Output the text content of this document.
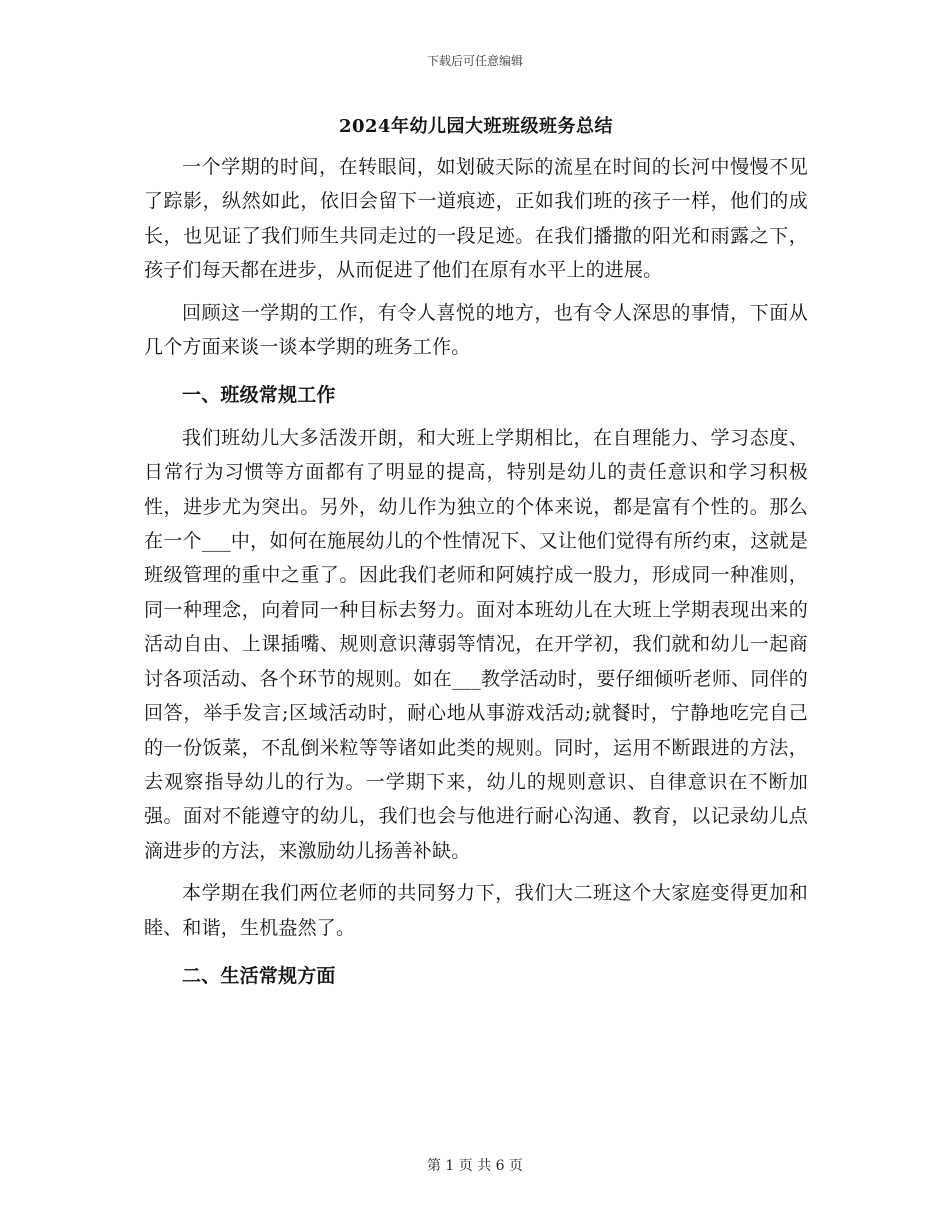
下载后可任意编辑
2024年幼儿园大班班级班务总结

一个学期的时间，在转眼间，如划破天际的流星在时间的长河中慢慢不见了踪影，纵然如此，依旧会留下一道痕迹，正如我们班的孩子一样，他们的成长，也见证了我们师生共同走过的一段足迹。在我们播撒的阳光和雨露之下，孩子们每天都在进步，从而促进了他们在原有水平上的进展。

回顾这一学期的工作，有令人喜悦的地方，也有令人深思的事情，下面从几个方面来谈一谈本学期的班务工作。

一、班级常规工作

我们班幼儿大多活泼开朗，和大班上学期相比，在自理能力、学习态度、日常行为习惯等方面都有了明显的提高，特别是幼儿的责任意识和学习积极性，进步尤为突出。另外，幼儿作为独立的个体来说，都是富有个性的。那么在一个___中，如何在施展幼儿的个性情况下、又让他们觉得有所约束，这就是班级管理的重中之重了。因此我们老师和阿姨拧成一股力，形成同一种准则，同一种理念，向着同一种目标去努力。面对本班幼儿在大班上学期表现出来的活动自由、上课插嘴、规则意识薄弱等情况，在开学初，我们就和幼儿一起商讨各项活动、各个环节的规则。如在___教学活动时，要仔细倾听老师、同伴的回答，举手发言;区域活动时，耐心地从事游戏活动;就餐时，宁静地吃完自己的一份饭菜，不乱倒米粒等等诸如此类的规则。同时，运用不断跟进的方法，去观察指导幼儿的行为。一学期下来，幼儿的规则意识、自律意识在不断加强。面对不能遵守的幼儿，我们也会与他进行耐心沟通、教育，以记录幼儿点滴进步的方法，来激励幼儿扬善补缺。

本学期在我们两位老师的共同努力下，我们大二班这个大家庭变得更加和睦、和谐，生机盎然了。

二、生活常规方面

第 1 页 共 6 页
